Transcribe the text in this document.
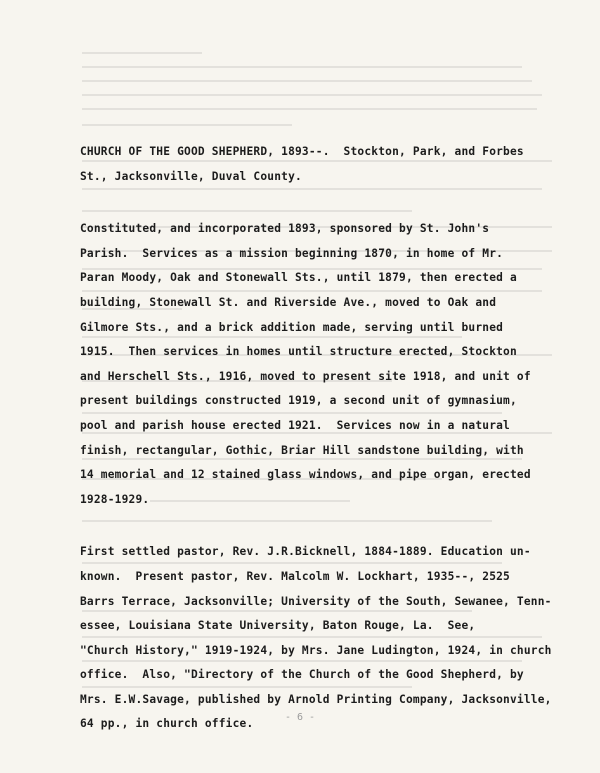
CHURCH OF THE GOOD SHEPHERD, 1893--.  Stockton, Park, and Forbes
St., Jacksonville, Duval County.
Constituted, and incorporated 1893, sponsored by St. John's
Parish.  Services as a mission beginning 1870, in home of Mr.
Paran Moody, Oak and Stonewall Sts., until 1879, then erected a
building, Stonewall St. and Riverside Ave., moved to Oak and
Gilmore Sts., and a brick addition made, serving until burned
1915.  Then services in homes until structure erected, Stockton
and Herschell Sts., 1916, moved to present site 1918, and unit of
present buildings constructed 1919, a second unit of gymnasium,
pool and parish house erected 1921.  Services now in a natural
finish, rectangular, Gothic, Briar Hill sandstone building, with
14 memorial and 12 stained glass windows, and pipe organ, erected
1928-1929.
First settled pastor, Rev. J.R.Bicknell, 1884-1889. Education un-
known.  Present pastor, Rev. Malcolm W. Lockhart, 1935--, 2525
Barrs Terrace, Jacksonville; University of the South, Sewanee, Tenn-
essee, Louisiana State University, Baton Rouge, La.  See,
"Church History," 1919-1924, by Mrs. Jane Ludington, 1924, in church
office.  Also, "Directory of the Church of the Good Shepherd, by
Mrs. E.W.Savage, published by Arnold Printing Company, Jacksonville,
64 pp., in church office.	- 6 -
